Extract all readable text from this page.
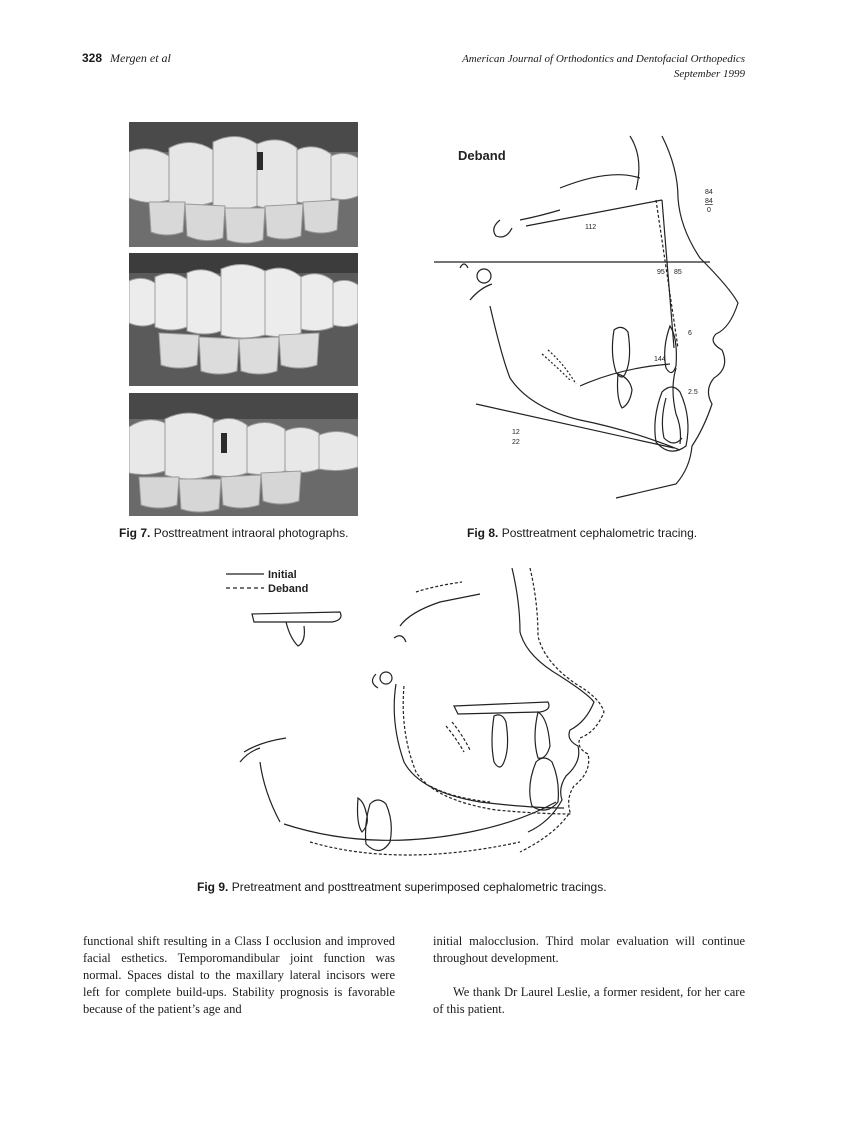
328 Mergen et al	American Journal of Orthodontics and Dentofacial Orthopedics
September 1999
Fig 7. Posttreatment intraoral photographs.
Deband
84
84
0
112
95 85
6
144
2.5
12
22
Fig 8. Posttreatment cephalometric tracing.
Initial
Deband
Fig 9. Pretreatment and posttreatment superimposed cephalometric tracings.

functional shift resulting in a Class I occlusion and improved facial esthetics. Temporomandibular joint function was normal. Spaces distal to the maxillary lateral incisors were left for complete build-ups. Stability prognosis is favorable because of the patient’s age and

initial malocclusion. Third molar evaluation will continue throughout development.

We thank Dr Laurel Leslie, a former resident, for her care of this patient.
